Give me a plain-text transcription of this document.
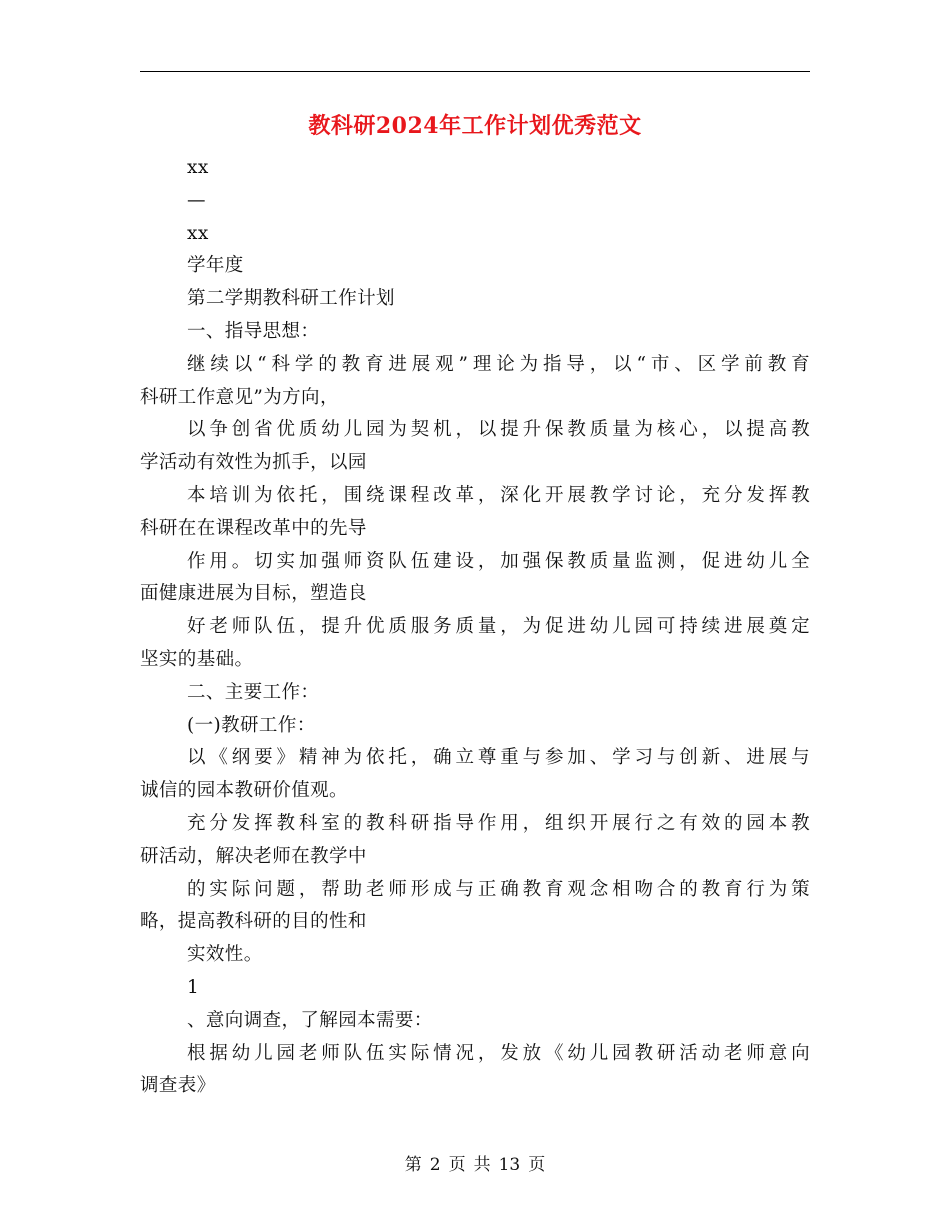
教科研2024年工作计划优秀范文
xx
—
xx
学年度
第二学期教科研工作计划
一、指导思想：
继续以“科学的教育进展观”理论为指导，以“市、区学前教育
科研工作意见”为方向，
以争创省优质幼儿园为契机，以提升保教质量为核心，以提高教
学活动有效性为抓手，以园
本培训为依托，围绕课程改革，深化开展教学讨论，充分发挥教
科研在在课程改革中的先导
作用。切实加强师资队伍建设，加强保教质量监测，促进幼儿全
面健康进展为目标，塑造良
好老师队伍，提升优质服务质量，为促进幼儿园可持续进展奠定
坚实的基础。
二、主要工作：
(一)教研工作：
以《纲要》精神为依托，确立尊重与参加、学习与创新、进展与
诚信的园本教研价值观。
充分发挥教科室的教科研指导作用，组织开展行之有效的园本教
研活动，解决老师在教学中
的实际问题，帮助老师形成与正确教育观念相吻合的教育行为策
略，提高教科研的目的性和
实效性。
1
、意向调查，了解园本需要：
根据幼儿园老师队伍实际情况，发放《幼儿园教研活动老师意向
调查表》
第 2 页 共 13 页
